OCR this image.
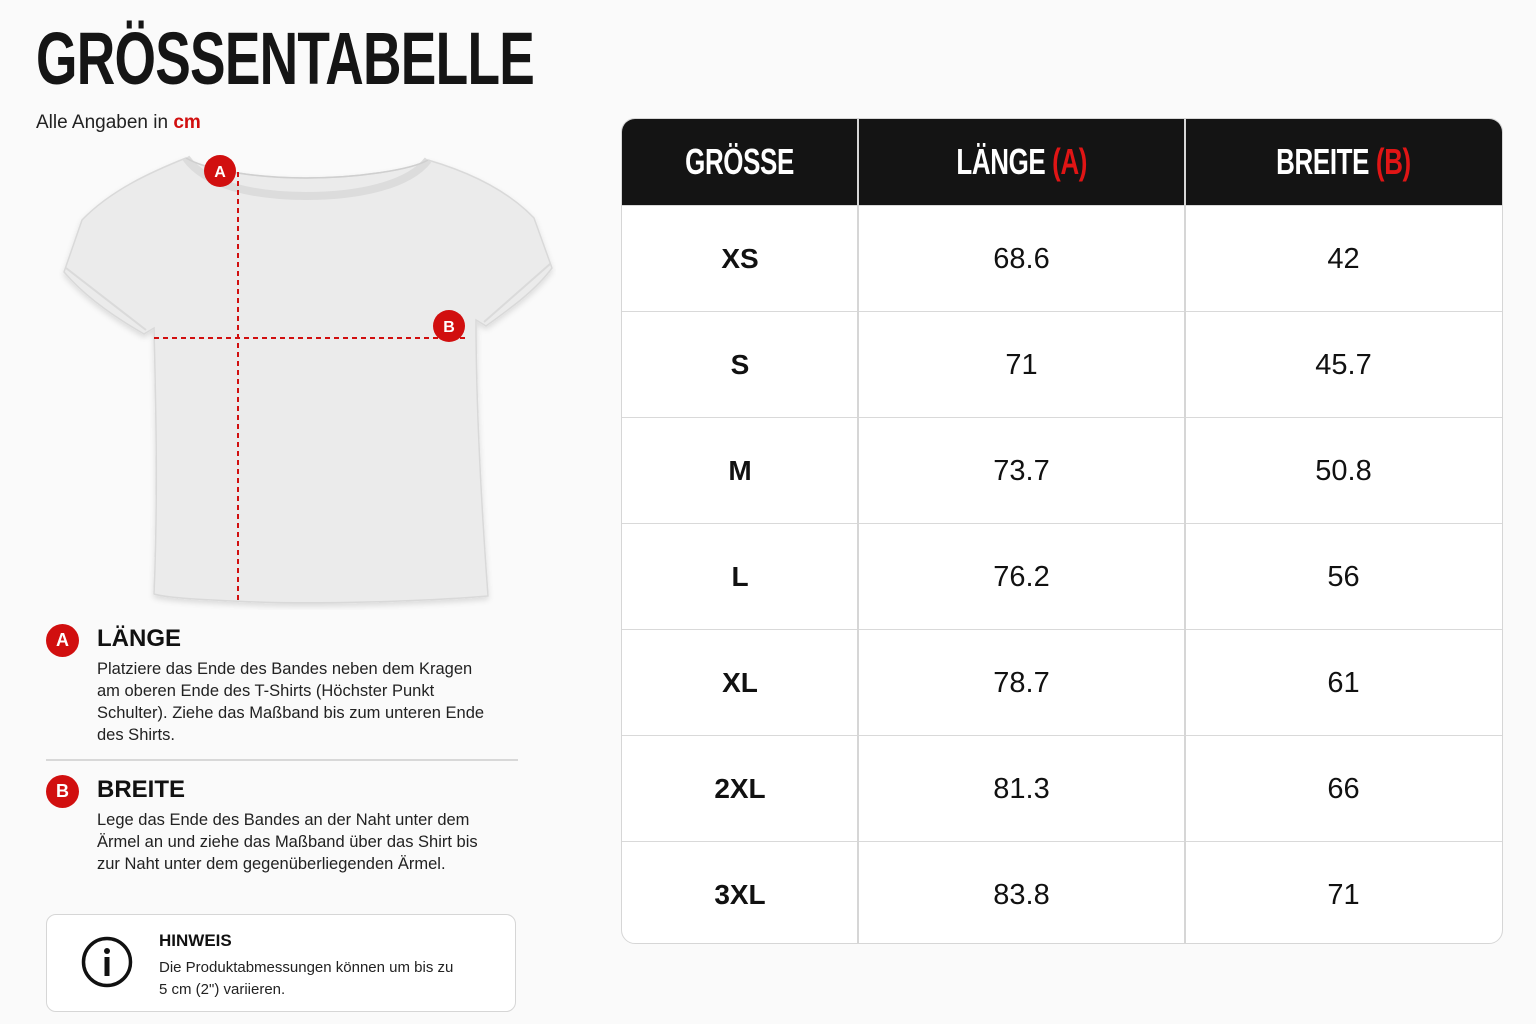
GRÖSSENTABELLE
Alle Angaben in cm
A
B
A	LÄNGE
Platziere das Ende des Bandes neben dem Kragen am oberen Ende des T-Shirts (Höchster Punkt Schulter). Ziehe das Maßband bis zum unteren Ende des Shirts.
B	BREITE
Lege das Ende des Bandes an der Naht unter dem Ärmel an und ziehe das Maßband über das Shirt bis zur Naht unter dem gegenüberliegenden Ärmel.
HINWEIS
Die Produktabmessungen können um bis zu 5 cm (2") variieren.
GRÖSSE	LÄNGE (A)	BREITE (B)
XS	68.6	42
S	71	45.7
M	73.7	50.8
L	76.2	56
XL	78.7	61
2XL	81.3	66
3XL	83.8	71
